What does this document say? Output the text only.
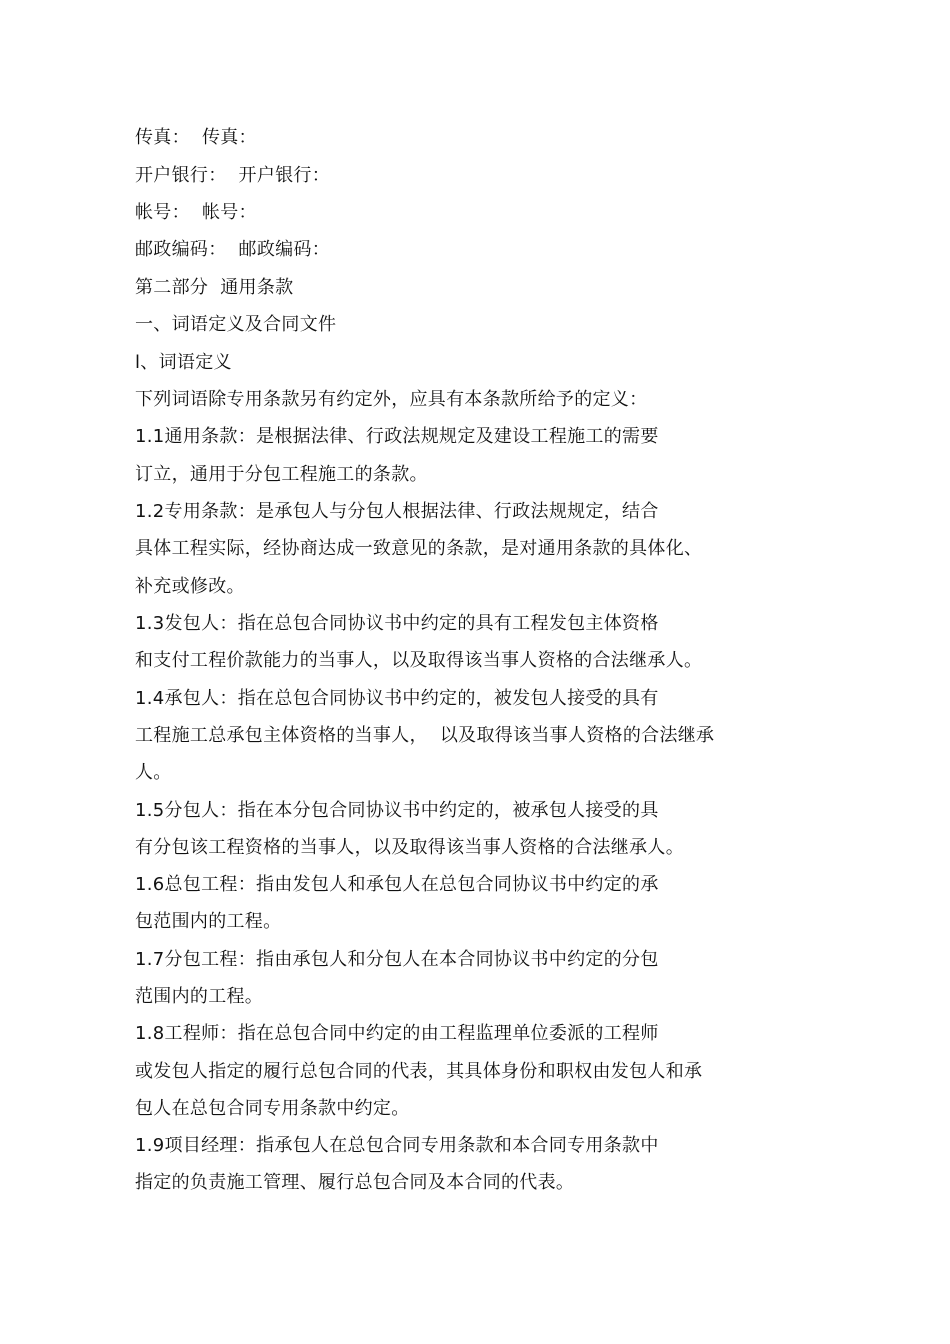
传真：  传真：
开户银行：  开户银行：
帐号：  帐号：
邮政编码：  邮政编码：
第二部分  通用条款
一、词语定义及合同文件
l、词语定义
下列词语除专用条款另有约定外，应具有本条款所给予的定义：
1.1通用条款：是根据法律、行政法规规定及建设工程施工的需要
订立，通用于分包工程施工的条款。
1.2专用条款：是承包人与分包人根据法律、行政法规规定，结合
具体工程实际，经协商达成一致意见的条款，是对通用条款的具体化、
补充或修改。
1.3发包人：指在总包合同协议书中约定的具有工程发包主体资格
和支付工程价款能力的当事人，以及取得该当事人资格的合法继承人。
1.4承包人：指在总包合同协议书中约定的，被发包人接受的具有
工程施工总承包主体资格的当事人，  以及取得该当事人资格的合法继承
人。
1.5分包人：指在本分包合同协议书中约定的，被承包人接受的具
有分包该工程资格的当事人，以及取得该当事人资格的合法继承人。
1.6总包工程：指由发包人和承包人在总包合同协议书中约定的承
包范围内的工程。
1.7分包工程：指由承包人和分包人在本合同协议书中约定的分包
范围内的工程。
1.8工程师：指在总包合同中约定的由工程监理单位委派的工程师
或发包人指定的履行总包合同的代表，其具体身份和职权由发包人和承
包人在总包合同专用条款中约定。
1.9项目经理：指承包人在总包合同专用条款和本合同专用条款中
指定的负责施工管理、履行总包合同及本合同的代表。
